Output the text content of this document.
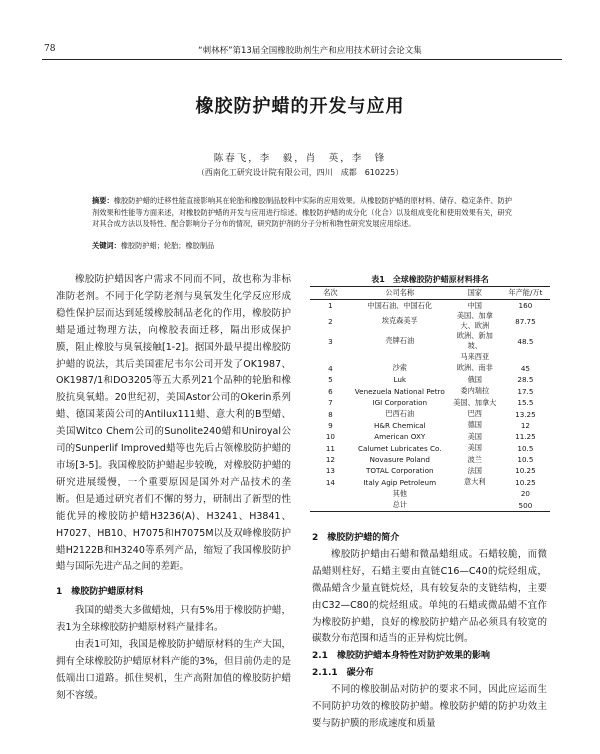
78	“刺林杯”第13届全国橡胶助剂生产和应用技术研讨会论文集
橡胶防护蜡的开发与应用
陈春飞，李　毅，肖　英，李　锋
（西南化工研究设计院有限公司，四川　成都　610225）
摘要：橡胶防护蜡的迁移性能直接影响其在轮胎和橡胶制品胶料中实际的应用效果。从橡胶防护蜡的原材料、储存、稳定条件、防护剂效果和性能等方面来述，对橡胶防护蜡的开发与应用进行综述。橡胶防护蜡的成分化（化合）以及组成变化和使用效果有关，研究对其合成方法以及特性、配合影响分子分布的情况，研究防护剂的分子分析和物性研究发展应用综述。
关键词：橡胶防护蜡；轮胎；橡胶制品

橡胶防护蜡因客户需求不同而不同，故也称为非标准防老剂。不同于化学防老剂与臭氧发生化学反应形成稳性保护层而达到延缓橡胶制品老化的作用，橡胶防护蜡是通过物理方法，向橡胶表面迁移，隔出形成保护膜，阻止橡胶与臭氧接触[1-2]。据国外最早提出橡胶防护蜡的说法，其后美国霍尼韦尔公司开发了OK1987、OK1987/1和DO3205等五大系列21个品种的轮胎和橡胶抗臭氧蜡。20世纪初，美国Astor公司的Okerin系列蜡、德国莱茵公司的Antilux111蜡、意大利的B型蜡、美国Witco Chem公司的Sunolite240蜡和Uniroyal公司的Sunperlif Improved蜡等也先后占领橡胶防护蜡的市场[3-5]。我国橡胶防护蜡起步较晚，对橡胶防护蜡的研究进展缓慢，一个重要原因是国外对产品技术的垄断。但是通过研究者们不懈的努力，研制出了新型的性能优异的橡胶防护蜡H3236(A)、H3241、H3841、H7027、HB10、H7075和H7075M以及双峰橡胶防护蜡H2122B和H3240等系列产品，缩短了我国橡胶防护蜡与国际先进产品之间的差距。

1　橡胶防护蜡原材料

我国的蜡类大多做蜡烛，只有5%用于橡胶防护蜡，表1为全球橡胶防护蜡原材料产量排名。

由表1可知，我国是橡胶防护蜡原材料的生产大国，拥有全球橡胶防护蜡原材料产能的3%，但目前仍走的是低端出口道路。抓住契机，生产高附加值的橡胶防护蜡刻不容缓。

表1　全球橡胶防护蜡原材料排名
名次	公司名称	国家	年产能/万t
1	中国石油、中国石化	中国	160
2	埃克森美孚	美国、加拿大、欧洲	87.75
3	壳牌石油	欧洲、新加坡、	48.5
		马来西亚	
4	沙索	欧洲、南非	45
5	Luk	俄国	28.5
6	Venezuela National Petro	委内瑞拉	17.5
7	IGI Corporation	美国、加拿大	15.5
8	巴西石油	巴西	13.25
9	H&R Chemical	德国	12
10	American OXY	美国	11.25
11	Calumet Lubricates Co.	美国	10.5
12	Novasure Poland	波兰	10.5
13	TOTAL Corporation	法国	10.25
14	Italy Agip Petroleum	意大利	10.25
	其他		20
	总计		500

2　橡胶防护蜡的简介

橡胶防护蜡由石蜡和微晶蜡组成。石蜡较脆，而微晶蜡则柱好，石蜡主要由直链C16—C40的烷烃组成，微晶蜡含少量直链烷烃，具有较复杂的支链结构，主要由C32—C80的烷烃组成。单纯的石蜡或微晶蜡不宜作为橡胶防护蜡，良好的橡胶防护蜡产品必须具有较宽的碳数分布范围和适当的正异构烷比例。

2.1　橡胶防护蜡本身特性对防护效果的影响

2.1.1　碳分布

不同的橡胶制品对防护的要求不同，因此应运而生不同防护功效的橡胶防护蜡。橡胶防护蜡的防护功效主要与防护膜的形成速度和质量
